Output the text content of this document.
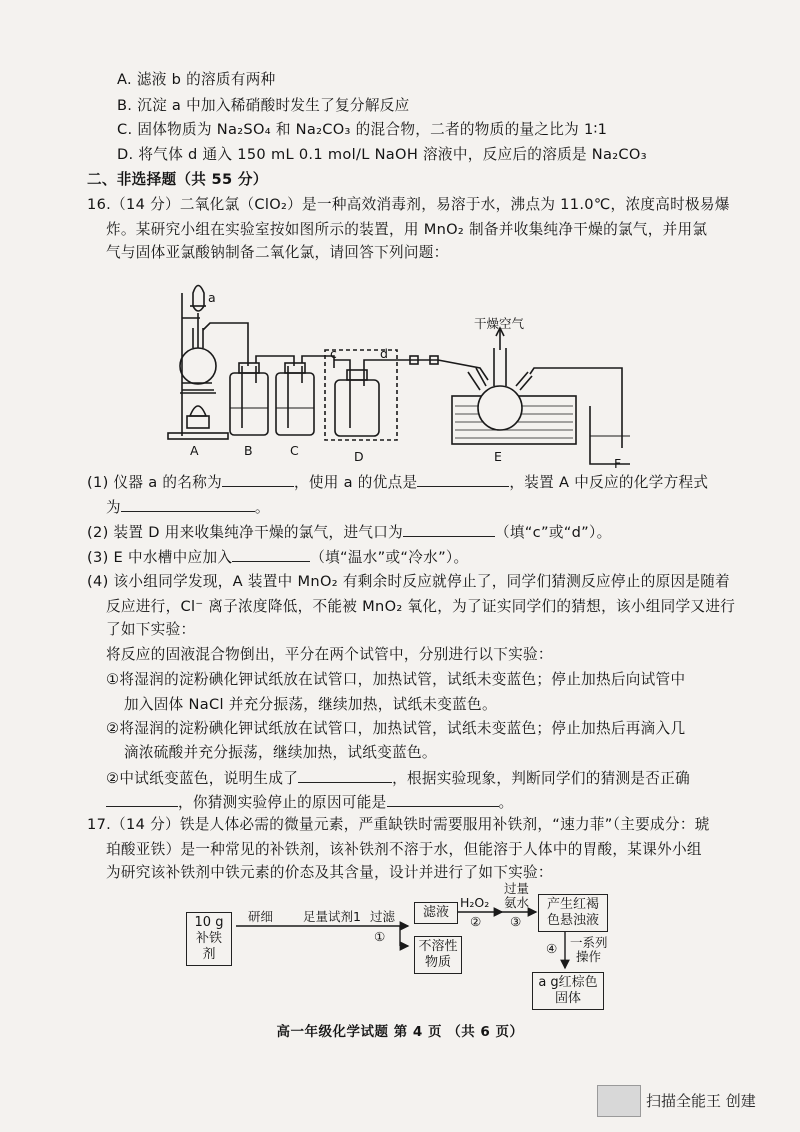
A. 滤液 b 的溶质有两种
B. 沉淀 a 中加入稀硝酸时发生了复分解反应
C. 固体物质为 Na₂SO₄ 和 Na₂CO₃ 的混合物，二者的物质的量之比为 1∶1
D. 将气体 d 通入 150 mL 0.1 mol/L NaOH 溶液中，反应后的溶质是 Na₂CO₃
二、非选择题（共 55 分）
16.（14 分）二氧化氯（ClO₂）是一种高效消毒剂，易溶于水，沸点为 11.0℃，浓度高时极易爆
炸。某研究小组在实验室按如图所示的装置，用 MnO₂ 制备并收集纯净干燥的氯气，并用氯
气与固体亚氯酸钠制备二氧化氯，请回答下列问题：
a
c	d
干燥空气
A	B	C	D	E	F
(1) 仪器 a 的名称为	，使用 a 的优点是	，装置 A 中反应的化学方程式
为	。
(2) 装置 D 用来收集纯净干燥的氯气，进气口为	（填“c”或“d”）。
(3) E 中水槽中应加入	（填“温水”或“冷水”）。
(4) 该小组同学发现，A 装置中 MnO₂ 有剩余时反应就停止了，同学们猜测反应停止的原因是随着
反应进行，Cl⁻ 离子浓度降低，不能被 MnO₂ 氧化，为了证实同学们的猜想，该小组同学又进行
了如下实验：
将反应的固液混合物倒出，平分在两个试管中，分别进行以下实验：
①将湿润的淀粉碘化钾试纸放在试管口，加热试管，试纸未变蓝色；停止加热后向试管中
加入固体 NaCl 并充分振荡，继续加热，试纸未变蓝色。
②将湿润的淀粉碘化钾试纸放在试管口，加热试管，试纸未变蓝色；停止加热后再滴入几
滴浓硫酸并充分振荡，继续加热，试纸变蓝色。
②中试纸变蓝色，说明生成了	，根据实验现象，判断同学们的猜测是否正确
，你猜测实验停止的原因可能是	。
17.（14 分）铁是人体必需的微量元素，严重缺铁时需要服用补铁剂，“速力菲”（主要成分：琥
珀酸亚铁）是一种常见的补铁剂，该补铁剂不溶于水，但能溶于人体中的胃酸，某课外小组
为研究该补铁剂中铁元素的价态及其含量，设计并进行了如下实验：
10 g
补铁剂
研细 足量试剂1 过滤
①
滤液
不溶性
物质
H₂O₂
②
过量
氨水
③
产生红褐
色悬浊液
④ 一系列
操作
a g红棕色
固体
高一年级化学试题 第 4 页 （共 6 页）
扫描全能王 创建
